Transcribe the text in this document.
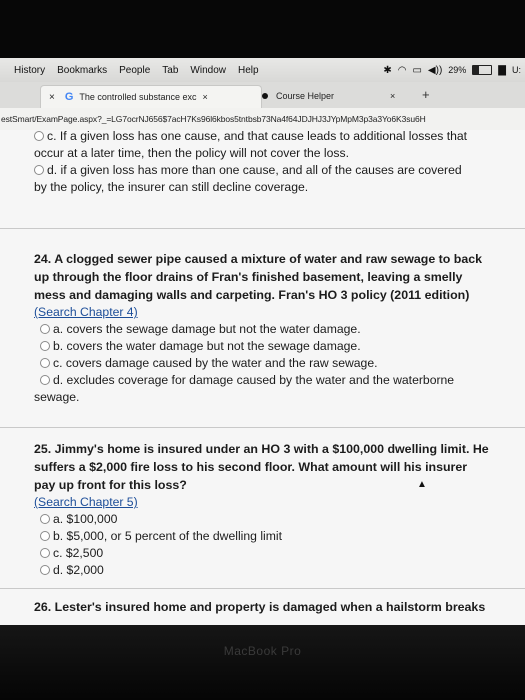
History Bookmarks People Tab Window Help	✱ ◠ ▭ ◀)) 29%	▇ U:
× G The controlled substance exc ×	Course Helper	× +
estSmart/ExamPage.aspx?_=LG7ocrNJ656$7acH7Ks96l6kbos5tntbsb73Na4f64JDJHJ3JYpMpM3p3a3Yo6K3su6H
c. If a given loss has one cause, and that cause leads to additional losses that
occur at a later time, then the policy will not cover the loss.
d. if a given loss has more than one cause, and all of the causes are covered
by the policy, the insurer can still decline coverage.
24. A clogged sewer pipe caused a mixture of water and raw sewage to back
up through the floor drains of Fran's finished basement, leaving a smelly
mess and damaging walls and carpeting. Fran's HO 3 policy (2011 edition)
(Search Chapter 4)
a. covers the sewage damage but not the water damage.
b. covers the water damage but not the sewage damage.
c. covers damage caused by the water and the raw sewage.
d. excludes coverage for damage caused by the water and the waterborne
sewage.
25. Jimmy's home is insured under an HO 3 with a $100,000 dwelling limit. He
suffers a $2,000 fire loss to his second floor. What amount will his insurer
pay up front for this loss?
(Search Chapter 5)
a. $100,000
b. $5,000, or 5 percent of the dwelling limit
c. $2,500
d. $2,000
▲
26. Lester's insured home and property is damaged when a hailstorm breaks
MacBook Pro
